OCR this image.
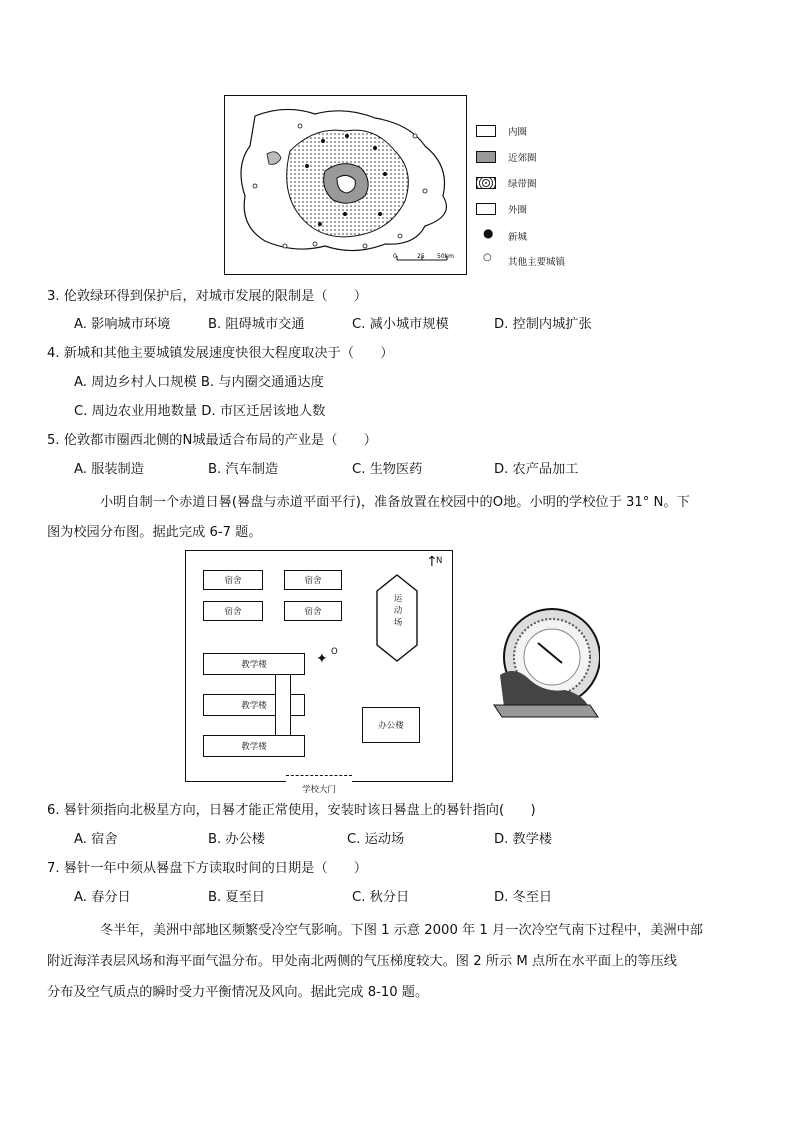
0	25 50km
内圈
近郊圈
绿带圈
外圈
● 新城
○ 其他主要城镇
3. 伦敦绿环得到保护后，对城市发展的限制是（　　）
A. 影响城市环境	B. 阻碍城市交通	C. 减小城市规模	D. 控制内城扩张
4. 新城和其他主要城镇发展速度快很大程度取决于（　　）
A. 周边乡村人口规模 B. 与内圈交通通达度
C. 周边农业用地数量 D. 市区迁居该地人数
5. 伦敦都市圈西北侧的N城最适合布局的产业是（　　）
A. 服装制造	B. 汽车制造	C. 生物医药	D. 农产品加工
小明自制一个赤道日晷(晷盘与赤道平面平行)，准备放置在校园中的O地。小明的学校位于 31° N。下
图为校园分布图。据此完成 6-7 题。
宿舍	宿舍
宿舍	宿舍
运动场
教学楼
教学楼
教学楼
办公楼
✦ O
↑
N
学校大门
6. 晷针须指向北极星方向，日晷才能正常使用，安装时该日晷盘上的晷针指向(　　)
A. 宿舍	B. 办公楼	C. 运动场	D. 教学楼
7. 晷针一年中须从晷盘下方读取时间的日期是（　　）
A. 春分日	B. 夏至日	C. 秋分日	D. 冬至日
冬半年，美洲中部地区频繁受冷空气影响。下图 1 示意 2000 年 1 月一次冷空气南下过程中，美洲中部
附近海洋表层风场和海平面气温分布。甲处南北两侧的气压梯度较大。图 2 所示 M 点所在水平面上的等压线
分布及空气质点的瞬时受力平衡情况及风向。据此完成 8-10 题。
